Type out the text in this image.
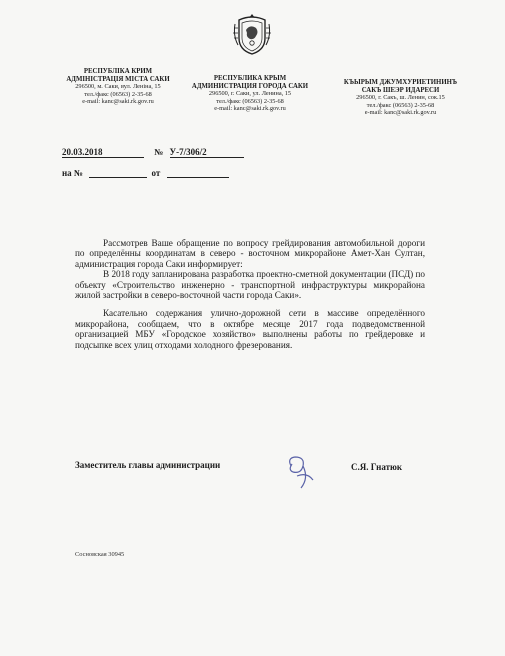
РЕСПУБЛІКА КРИМ
АДМІНІСТРАЦІЯ МІСТА САКИ
296500, м. Саки, вул. Леніна, 15
тел./факс (06563) 2-35-68
e-mail: kanc@saki.rk.gov.ru
РЕСПУБЛИКА КРЫМ
АДМИНИСТРАЦИЯ ГОРОДА САКИ
296500, г. Саки, ул. Ленина, 15
тел./факс (06563) 2-35-68
e-mail: kanc@saki.rk.gov.ru
КЪЫРЫМ ДЖУМХУРИЕТИНИНЪ
САКЪ ШЕЭР ИДАРЕСИ
296500, г. Сакъ, ш. Ленин, сок.15
тел./факс (06563) 2-35-68
e-mail: kanc@saki.rk.gov.ru
20.03.2018	№ У-7/306/2
на №	от

Рассмотрев Ваше обращение по вопросу грейдирования автомобильной дороги по определённы координатам в северо - восточном микрорайоне Амет-Хан Султан, администрация города Саки информирует:

В 2018 году запланирована разработка проектно-сметной документации (ПСД) по объекту «Строительство инженерно - транспортной инфраструктуры микрорайона жилой застройки в северо-восточной части города Саки».

Касательно содержания улично-дорожной сети в массиве определённого микрорайона, сообщаем, что в октябре месяце 2017 года подведомственной организацией МБУ «Городское хозяйство» выполнены работы по грейдеровке и подсыпке всех улиц отходами холодного фрезерования.

Заместитель главы администрации	С.Я. Гнатюк
Сосновская 30945
